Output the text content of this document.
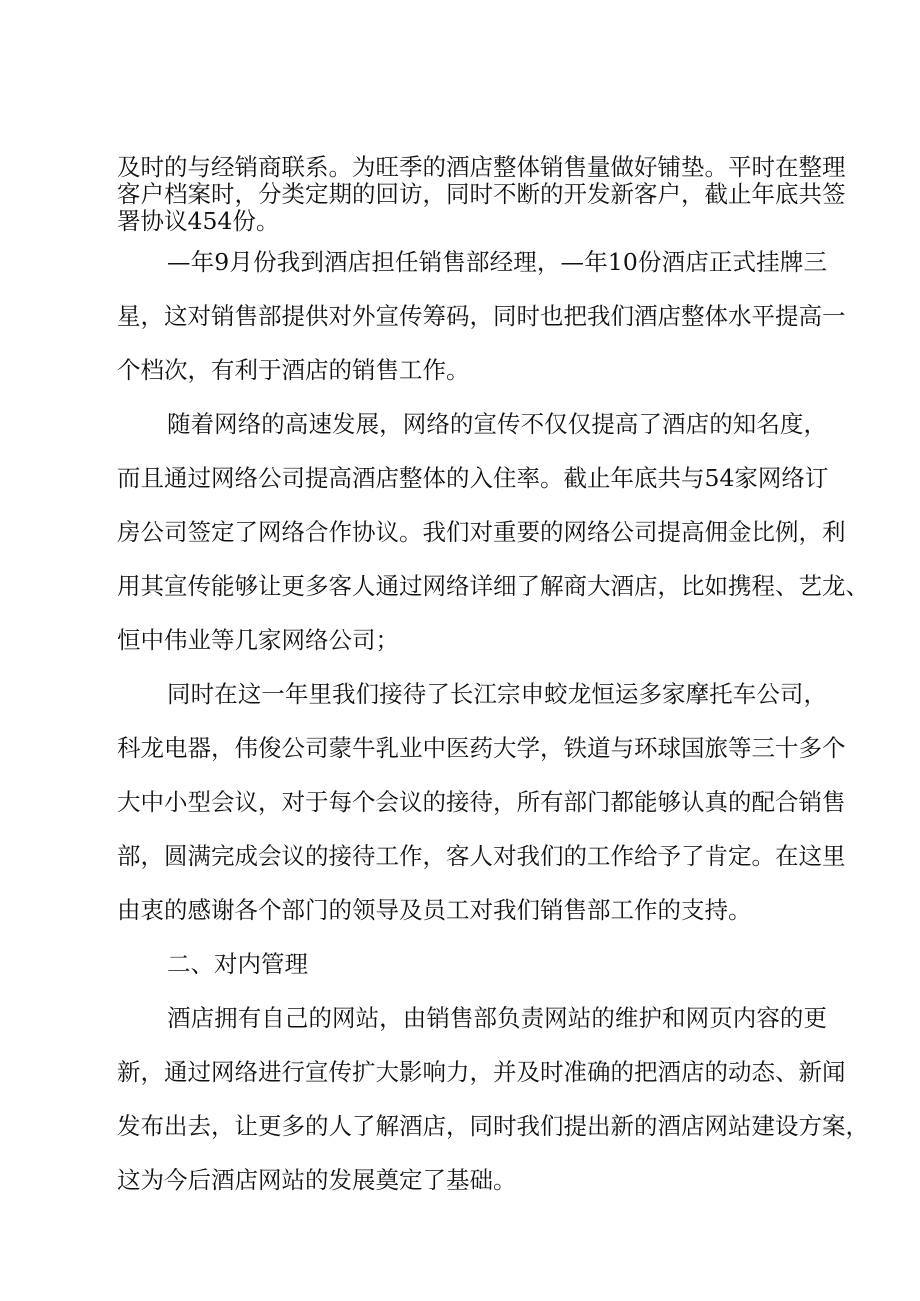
及时的与经销商联系。为旺季的酒店整体销售量做好铺垫。平时在整理
客户档案时，分类定期的回访，同时不断的开发新客户，截止年底共签
署协议454份。
—年9月份我到酒店担任销售部经理，—年10份酒店正式挂牌三
星，这对销售部提供对外宣传筹码，同时也把我们酒店整体水平提高一
个档次，有利于酒店的销售工作。
随着网络的高速发展，网络的宣传不仅仅提高了酒店的知名度，
而且通过网络公司提高酒店整体的入住率。截止年底共与54家网络订
房公司签定了网络合作协议。我们对重要的网络公司提高佣金比例，利
用其宣传能够让更多客人通过网络详细了解商大酒店，比如携程、艺龙、
恒中伟业等几家网络公司；
同时在这一年里我们接待了长江宗申蛟龙恒运多家摩托车公司，
科龙电器，伟俊公司蒙牛乳业中医药大学，铁道与环球国旅等三十多个
大中小型会议，对于每个会议的接待，所有部门都能够认真的配合销售
部，圆满完成会议的接待工作，客人对我们的工作给予了肯定。在这里
由衷的感谢各个部门的领导及员工对我们销售部工作的支持。
二、对内管理
酒店拥有自己的网站，由销售部负责网站的维护和网页内容的更
新，通过网络进行宣传扩大影响力，并及时准确的把酒店的动态、新闻
发布出去，让更多的人了解酒店，同时我们提出新的酒店网站建设方案，
这为今后酒店网站的发展奠定了基础。
